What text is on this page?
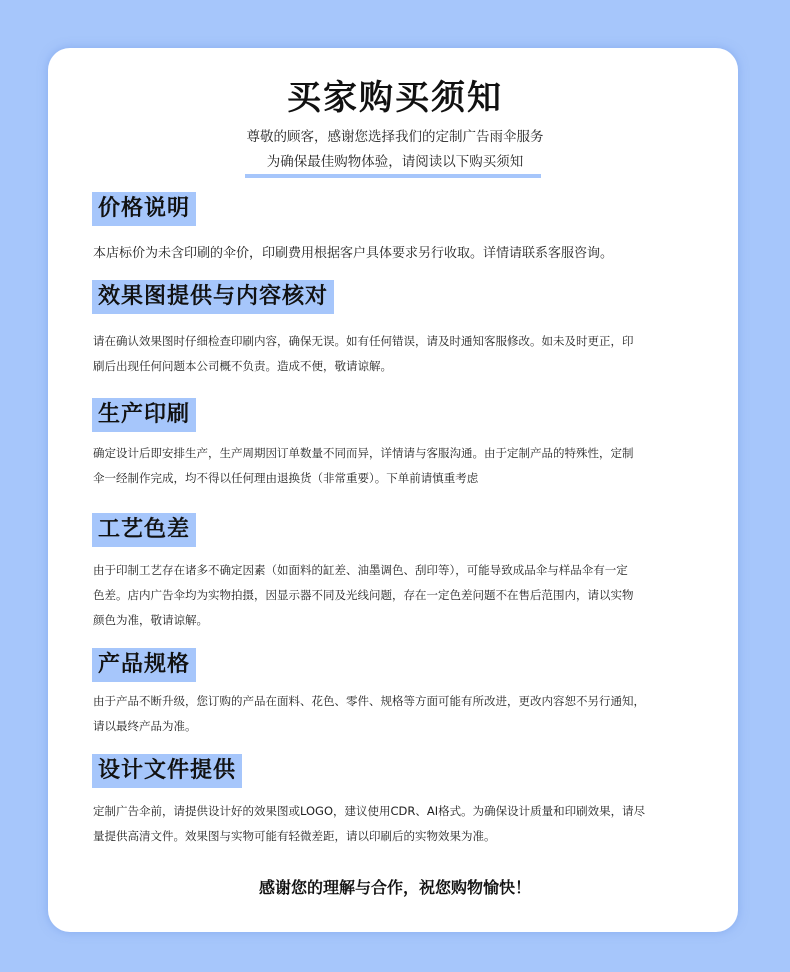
买家购买须知
尊敬的顾客，感谢您选择我们的定制广告雨伞服务
为确保最佳购物体验，请阅读以下购买须知
价格说明
本店标价为未含印刷的伞价，印刷费用根据客户具体要求另行收取。详情请联系客服咨询。
效果图提供与内容核对
请在确认效果图时仔细检查印刷内容，确保无误。如有任何错误，请及时通知客服修改。如未及时更正，印
刷后出现任何问题本公司概不负责。造成不便，敬请谅解。
生产印刷
确定设计后即安排生产，生产周期因订单数量不同而异，详情请与客服沟通。由于定制产品的特殊性，定制
伞一经制作完成，均不得以任何理由退换货（非常重要）。下单前请慎重考虑
工艺色差
由于印制工艺存在诸多不确定因素（如面料的缸差、油墨调色、刮印等），可能导致成品伞与样品伞有一定
色差。店内广告伞均为实物拍摄，因显示器不同及光线问题，存在一定色差问题不在售后范围内，请以实物
颜色为准，敬请谅解。
产品规格
由于产品不断升级，您订购的产品在面料、花色、零件、规格等方面可能有所改进，更改内容恕不另行通知，
请以最终产品为准。
设计文件提供
定制广告伞前，请提供设计好的效果图或LOGO，建议使用CDR、AI格式。为确保设计质量和印刷效果，请尽
量提供高清文件。效果图与实物可能有轻微差距，请以印刷后的实物效果为准。
感谢您的理解与合作，祝您购物愉快！
